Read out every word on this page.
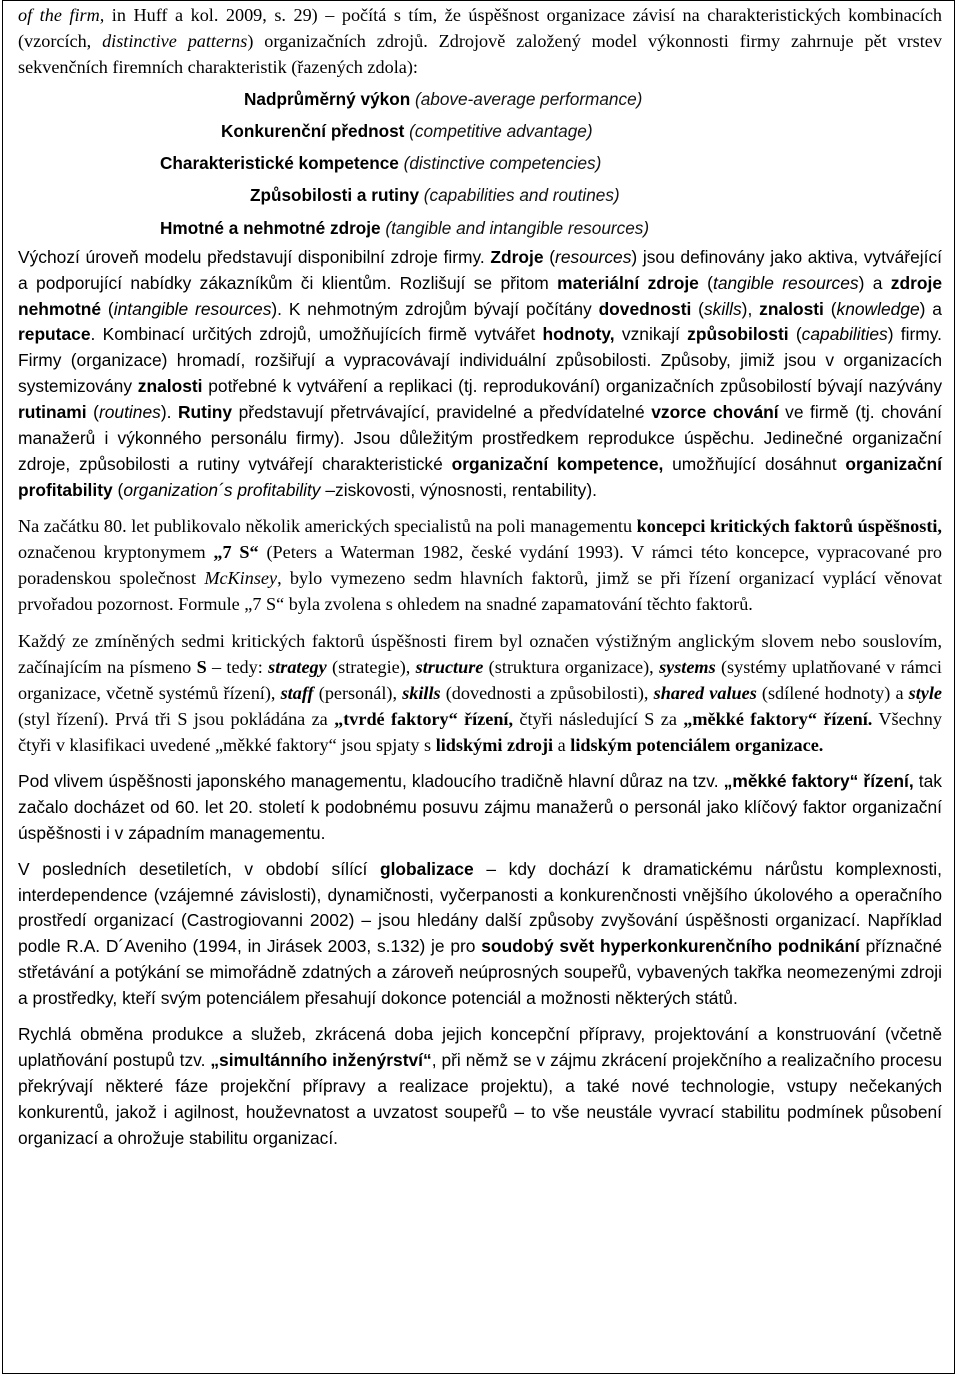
of the firm, in Huff a kol. 2009, s. 29) – počítá s tím, že úspěšnost organizace závisí na charakteristických kombinacích (vzorcích, distinctive patterns) organizačních zdrojů. Zdrojově založený model výkonnosti firmy zahrnuje pět vrstev sekvenčních firemních charakteristik (řazených zdola):

Nadprůměrný výkon (above-average performance)
Konkurenční přednost (competitive advantage)
Charakteristické kompetence (distinctive competencies)
Způsobilosti a rutiny (capabilities and routines)
Hmotné a nehmotné zdroje (tangible and intangible resources)

Výchozí úroveň modelu představují disponibilní zdroje firmy. Zdroje (resources) jsou definovány jako aktiva, vytvářející a podporující nabídky zákazníkům či klientům. Rozlišují se přitom materiální zdroje (tangible resources) a zdroje nehmotné (intangible resources). K nehmotným zdrojům bývají počítány dovednosti (skills), znalosti (knowledge) a reputace. Kombinací určitých zdrojů, umožňujících firmě vytvářet hodnoty, vznikají způsobilosti (capabilities) firmy. Firmy (organizace) hromadí, rozšiřují a vypracovávají individuální způsobilosti. Způsoby, jimiž jsou v organizacích systemizovány znalosti potřebné k vytváření a replikaci (tj. reprodukování) organizačních způsobilostí bývají nazývány rutinami (routines). Rutiny představují přetrvávající, pravidelné a předvídatelné vzorce chování ve firmě (tj. chování manažerů i výkonného personálu firmy). Jsou důležitým prostředkem reprodukce úspěchu. Jedinečné organizační zdroje, způsobilosti a rutiny vytvářejí charakteristické organizační kompetence, umožňující dosáhnut organizační profitability (organization´s profitability –ziskovosti, výnosnosti, rentability).

Na začátku 80. let publikovalo několik amerických specialistů na poli managementu koncepci kritických faktorů úspěšnosti, označenou kryptonymem „7 S“ (Peters a Waterman 1982, české vydání 1993). V rámci této koncepce, vypracované pro poradenskou společnost McKinsey, bylo vymezeno sedm hlavních faktorů, jimž se při řízení organizací vyplácí věnovat prvořadou pozornost. Formule „7 S“ byla zvolena s ohledem na snadné zapamatování těchto faktorů.

Každý ze zmíněných sedmi kritických faktorů úspěšnosti firem byl označen výstižným anglickým slovem nebo souslovím, začínajícím na písmeno S – tedy: strategy (strategie), structure (struktura organizace), systems (systémy uplatňované v rámci organizace, včetně systémů řízení), staff (personál), skills (dovednosti a způsobilosti), shared values (sdílené hodnoty) a style (styl řízení). Prvá tři S jsou pokládána za „tvrdé faktory“ řízení, čtyři následující S za „měkké faktory“ řízení. Všechny čtyři v klasifikaci uvedené „měkké faktory“ jsou spjaty s lidskými zdroji a lidským potenciálem organizace.

Pod vlivem úspěšnosti japonského managementu, kladoucího tradičně hlavní důraz na tzv. „měkké faktory“ řízení, tak začalo docházet od 60. let 20. století k podobnému posuvu zájmu manažerů o personál jako klíčový faktor organizační úspěšnosti i v západním managementu.

V posledních desetiletích, v období sílící globalizace – kdy dochází k dramatickému nárůstu komplexnosti, interdependence (vzájemné závislosti), dynamičnosti, vyčerpanosti a konkurenčnosti vnějšího úkolového a operačního prostředí organizací (Castrogiovanni 2002) – jsou hledány další způsoby zvyšování úspěšnosti organizací. Například podle R.A. D´Aveniho (1994, in Jirásek 2003, s.132) je pro soudobý svět hyperkonkurenčního podnikání příznačné střetávání a potýkání se mimořádně zdatných a zároveň neúprosných soupeřů, vybavených takřka neomezenými zdroji a prostředky, kteří svým potenciálem přesahují dokonce potenciál a možnosti některých států.

Rychlá obměna produkce a služeb, zkrácená doba jejich koncepční přípravy, projektování a konstruování (včetně uplatňování postupů tzv. „simultánního inženýrství“, při němž se v zájmu zkrácení projekčního a realizačního procesu překrývají některé fáze projekční přípravy a realizace projektu), a také nové technologie, vstupy nečekaných konkurentů, jakož i agilnost, houževnatost a uvzatost soupeřů – to vše neustále vyvrací stabilitu podmínek působení organizací a ohrožuje stabilitu organizací.
